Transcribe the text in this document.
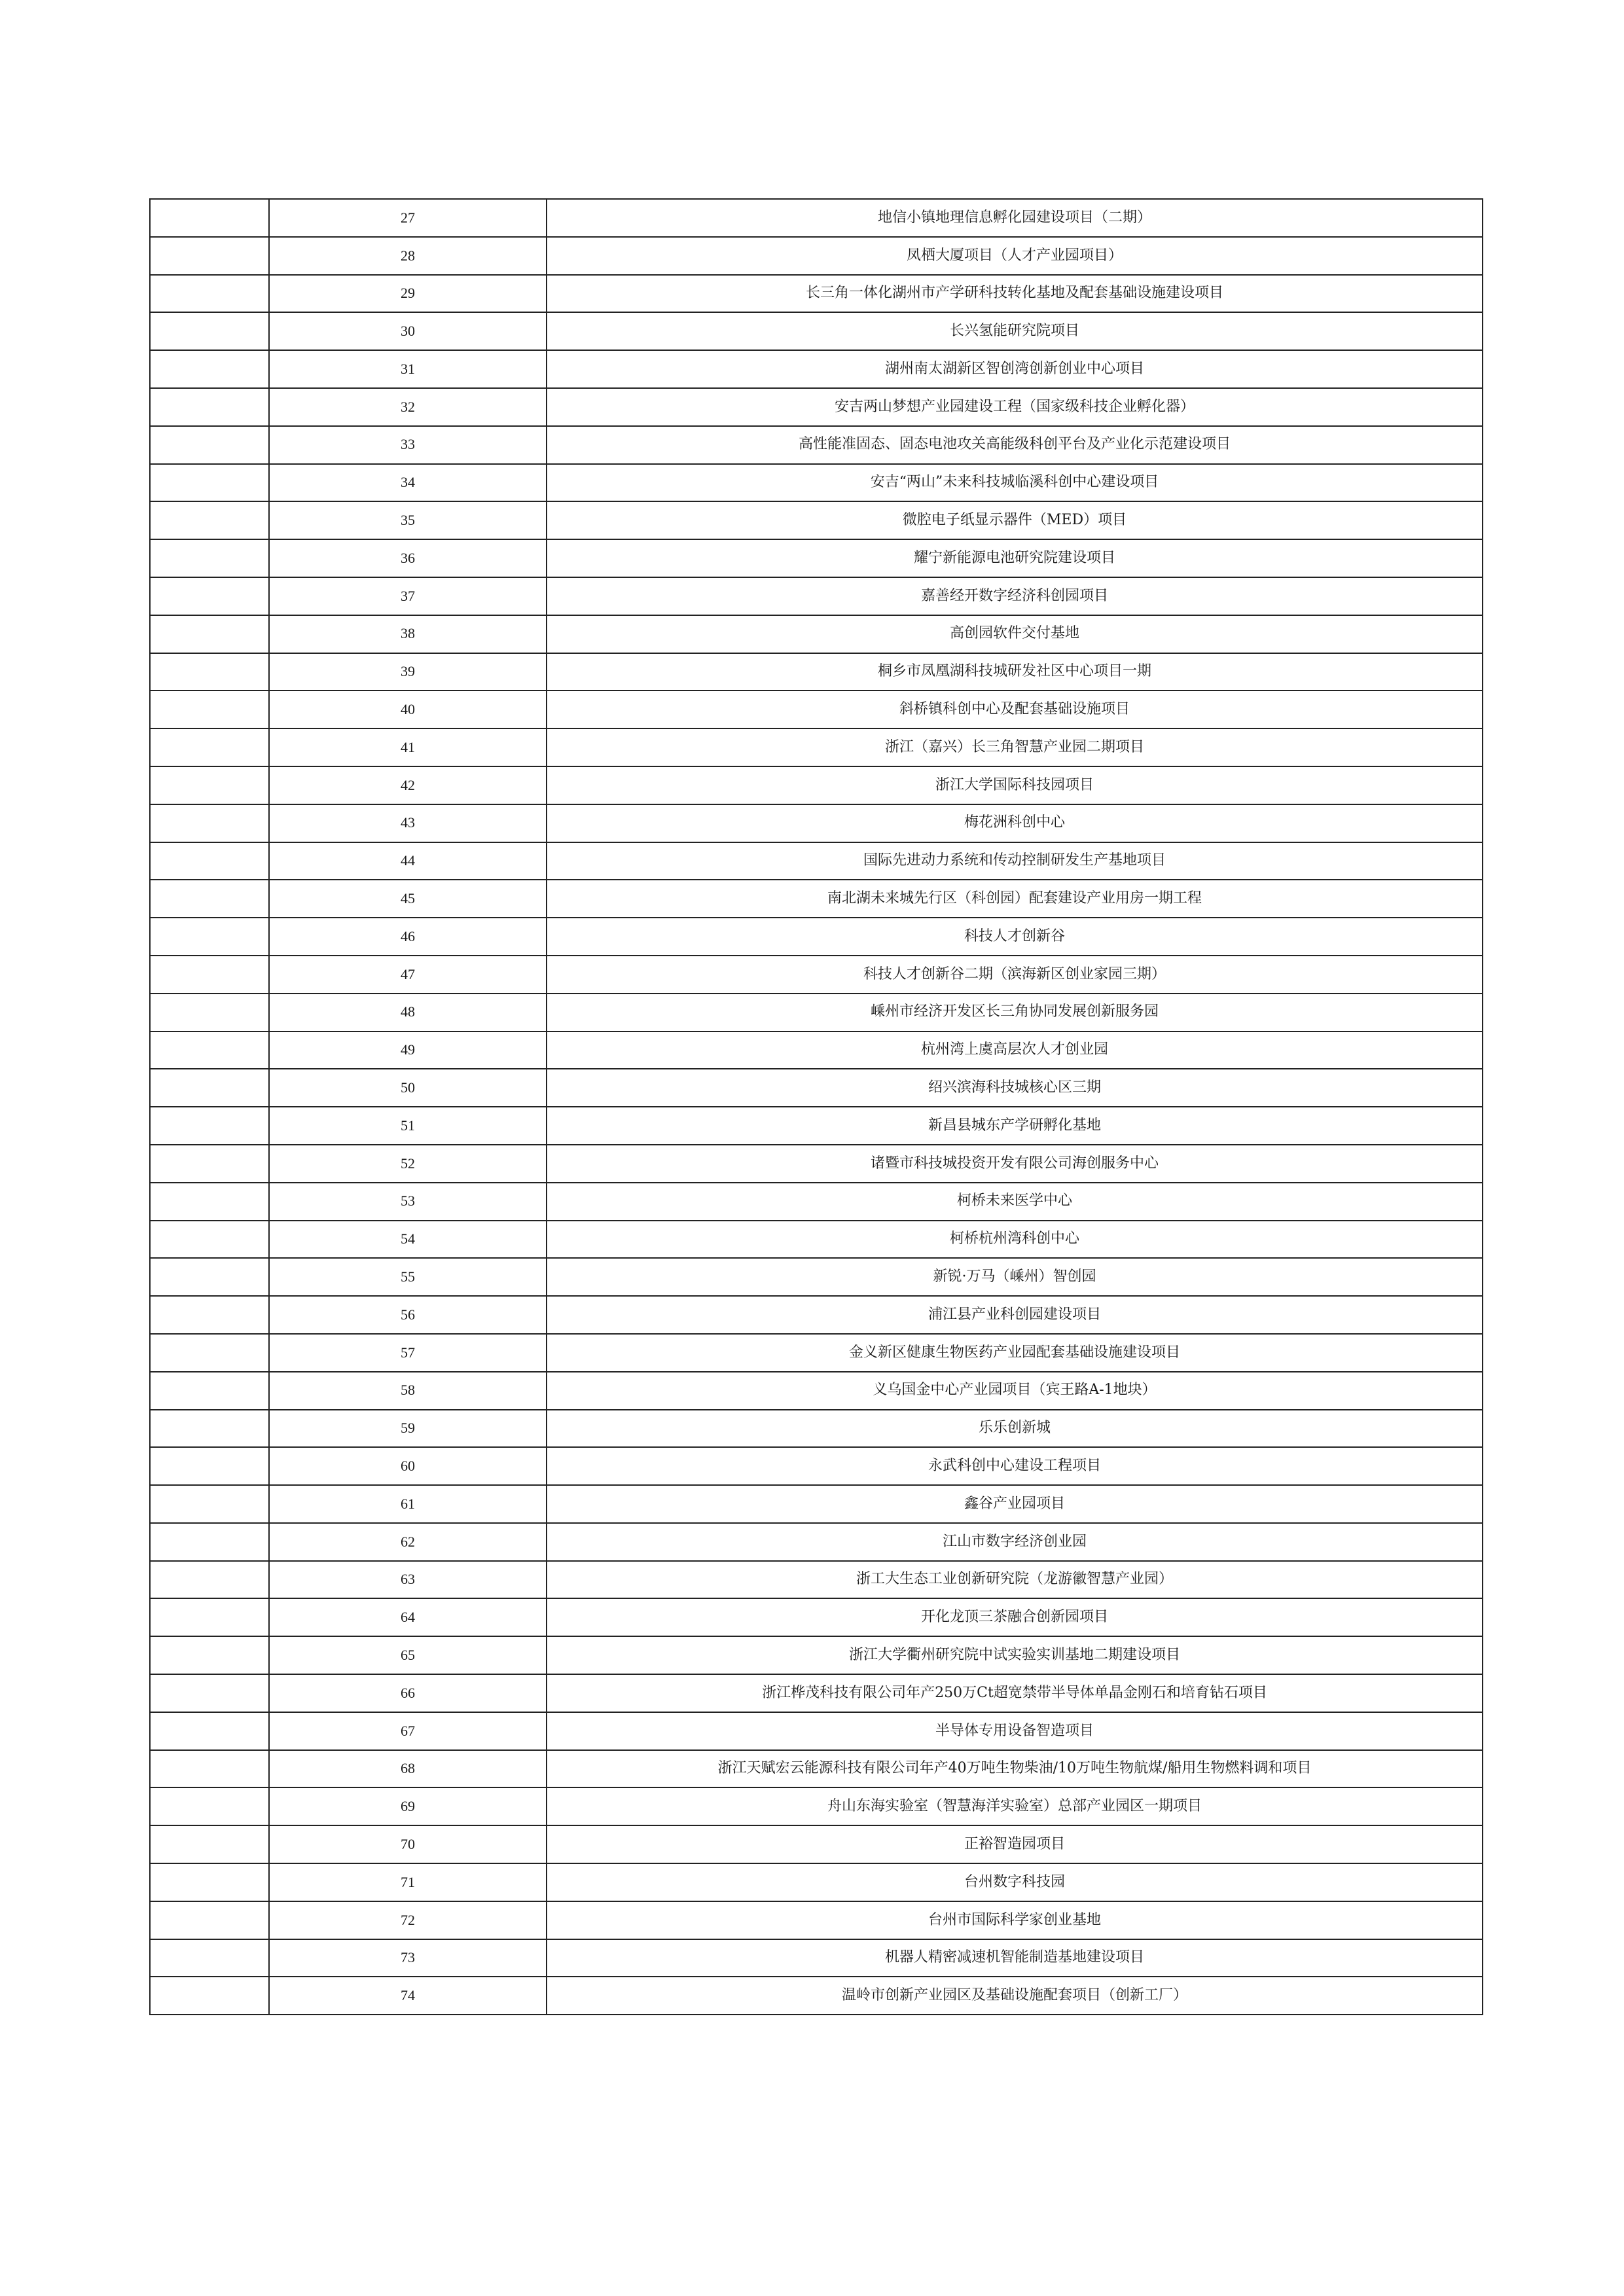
	27	地信小镇地理信息孵化园建设项目（二期）
	28	凤栖大厦项目（人才产业园项目）
	29	长三角一体化湖州市产学研科技转化基地及配套基础设施建设项目
	30	长兴氢能研究院项目
	31	湖州南太湖新区智创湾创新创业中心项目
	32	安吉两山梦想产业园建设工程（国家级科技企业孵化器）
	33	高性能准固态、固态电池攻关高能级科创平台及产业化示范建设项目
	34	安吉“两山”未来科技城临溪科创中心建设项目
	35	微腔电子纸显示器件（MED）项目
	36	耀宁新能源电池研究院建设项目
	37	嘉善经开数字经济科创园项目
	38	高创园软件交付基地
	39	桐乡市凤凰湖科技城研发社区中心项目一期
	40	斜桥镇科创中心及配套基础设施项目
	41	浙江（嘉兴）长三角智慧产业园二期项目
	42	浙江大学国际科技园项目
	43	梅花洲科创中心
	44	国际先进动力系统和传动控制研发生产基地项目
	45	南北湖未来城先行区（科创园）配套建设产业用房一期工程
	46	科技人才创新谷
	47	科技人才创新谷二期（滨海新区创业家园三期）
	48	嵊州市经济开发区长三角协同发展创新服务园
	49	杭州湾上虞高层次人才创业园
	50	绍兴滨海科技城核心区三期
	51	新昌县城东产学研孵化基地
	52	诸暨市科技城投资开发有限公司海创服务中心
	53	柯桥未来医学中心
	54	柯桥杭州湾科创中心
	55	新锐·万马（嵊州）智创园
	56	浦江县产业科创园建设项目
	57	金义新区健康生物医药产业园配套基础设施建设项目
	58	义乌国金中心产业园项目（宾王路A-1地块）
	59	乐乐创新城
	60	永武科创中心建设工程项目
	61	鑫谷产业园项目
	62	江山市数字经济创业园
	63	浙工大生态工业创新研究院（龙游徽智慧产业园）
	64	开化龙顶三茶融合创新园项目
	65	浙江大学衢州研究院中试实验实训基地二期建设项目
	66	浙江桦茂科技有限公司年产250万Ct超宽禁带半导体单晶金刚石和培育钻石项目
	67	半导体专用设备智造项目
	68	浙江天赋宏云能源科技有限公司年产40万吨生物柴油/10万吨生物航煤/船用生物燃料调和项目
	69	舟山东海实验室（智慧海洋实验室）总部产业园区一期项目
	70	正裕智造园项目
	71	台州数字科技园
	72	台州市国际科学家创业基地
	73	机器人精密减速机智能制造基地建设项目
	74	温岭市创新产业园区及基础设施配套项目（创新工厂）
